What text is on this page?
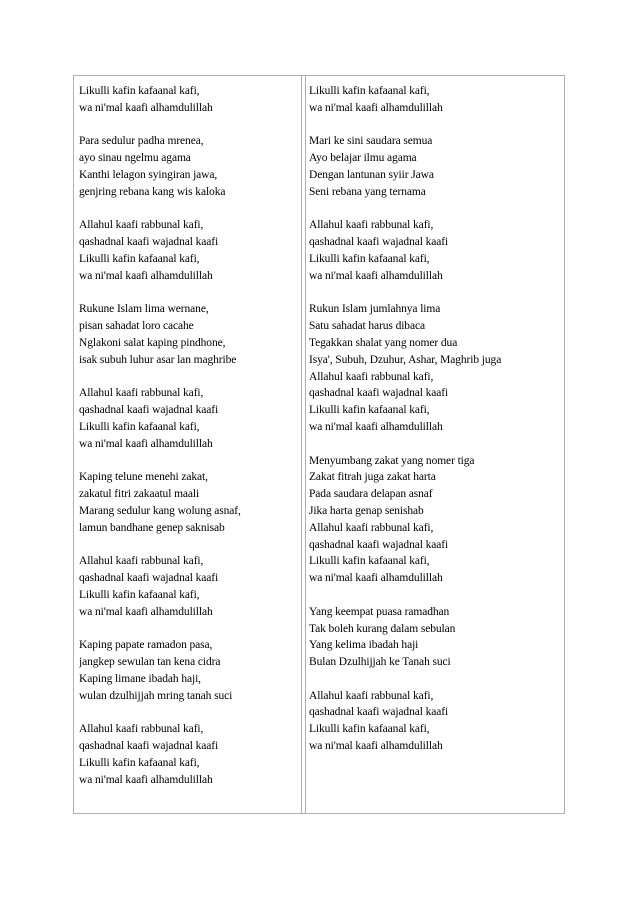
Likulli kafin kafaanal kafi,
wa ni'mal kaafi alhamdulillah
Para sedulur padha mrenea,
ayo sinau ngelmu agama
Kanthi lelagon syingiran jawa,
genjring rebana kang wis kaloka
Allahul kaafi rabbunal kafi,
qashadnal kaafi wajadnal kaafi
Likulli kafin kafaanal kafi,
wa ni'mal kaafi alhamdulillah
Rukune Islam lima wernane,
pisan sahadat loro cacahe
Nglakoni salat kaping pindhone,
isak subuh luhur asar lan maghribe
Allahul kaafi rabbunal kafi,
qashadnal kaafi wajadnal kaafi
Likulli kafin kafaanal kafi,
wa ni'mal kaafi alhamdulillah
Kaping telune menehi zakat,
zakatul fitri zakaatul maali
Marang sedulur kang wolung asnaf,
lamun bandhane genep saknisab
Allahul kaafi rabbunal kafi,
qashadnal kaafi wajadnal kaafi
Likulli kafin kafaanal kafi,
wa ni'mal kaafi alhamdulillah
Kaping papate ramadon pasa,
jangkep sewulan tan kena cidra
Kaping limane ibadah haji,
wulan dzulhijjah mring tanah suci
Allahul kaafi rabbunal kafi,
qashadnal kaafi wajadnal kaafi
Likulli kafin kafaanal kafi,
wa ni'mal kaafi alhamdulillah
Likulli kafin kafaanal kafi,
wa ni'mal kaafi alhamdulillah
Mari ke sini saudara semua
Ayo belajar ilmu agama
Dengan lantunan syiir Jawa
Seni rebana yang ternama
Allahul kaafi rabbunal kafi,
qashadnal kaafi wajadnal kaafi
Likulli kafin kafaanal kafi,
wa ni'mal kaafi alhamdulillah
Rukun Islam jumlahnya lima
Satu sahadat harus dibaca
Tegakkan shalat yang nomer dua
Isya', Subuh, Dzuhur, Ashar, Maghrib juga
Allahul kaafi rabbunal kafi,
qashadnal kaafi wajadnal kaafi
Likulli kafin kafaanal kafi,
wa ni'mal kaafi alhamdulillah
Menyumbang zakat yang nomer tiga
Zakat fitrah juga zakat harta
Pada saudara delapan asnaf
Jika harta genap senishab
Allahul kaafi rabbunal kafi,
qashadnal kaafi wajadnal kaafi
Likulli kafin kafaanal kafi,
wa ni'mal kaafi alhamdulillah
Yang keempat puasa ramadhan
Tak boleh kurang dalam sebulan
Yang kelima ibadah haji
Bulan Dzulhijjah ke Tanah suci
Allahul kaafi rabbunal kafi,
qashadnal kaafi wajadnal kaafi
Likulli kafin kafaanal kafi,
wa ni'mal kaafi alhamdulillah
